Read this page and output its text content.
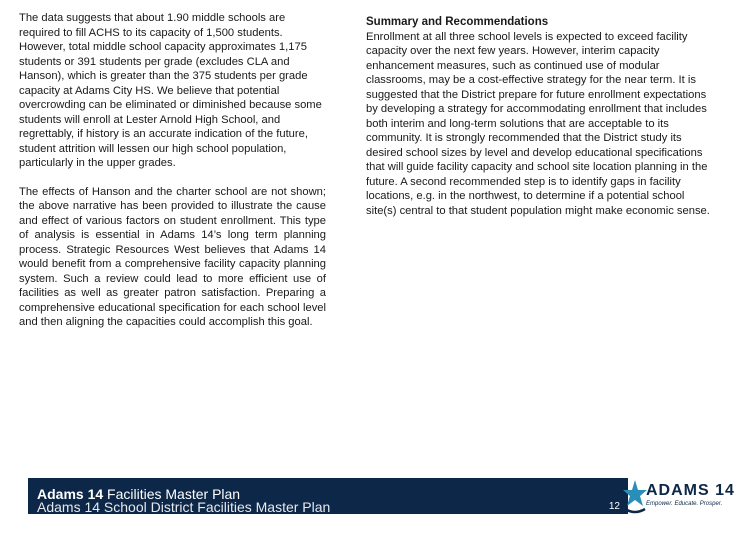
The data suggests that about 1.90 middle schools are required to fill ACHS to its capacity of 1,500 students. However, total middle school capacity approximates 1,175 students or 391 students per grade (excludes CLA and Hanson), which is greater than the 375 students per grade capacity at Adams City HS. We believe that potential overcrowding can be eliminated or diminished because some students will enroll at Lester Arnold High School, and regrettably, if history is an accurate indication of the future, student attrition will lessen our high school population, particularly in the upper grades.

The effects of Hanson and the charter school are not shown; the above narrative has been provided to illustrate the cause and effect of various factors on student enrollment. This type of analysis is essential in Adams 14’s long term planning process. Strategic Resources West believes that Adams 14 would benefit from a comprehensive facility capacity planning system. Such a review could lead to more efficient use of facilities as well as greater patron satisfaction. Preparing a comprehensive educational specification for each school level and then aligning the capacities could accomplish this goal.

Summary and Recommendations

Enrollment at all three school levels is expected to exceed facility capacity over the next few years. However, interim capacity enhancement measures, such as continued use of modular classrooms, may be a cost-effective strategy for the near term. It is suggested that the District prepare for future enrollment expectations by developing a strategy for accommodating enrollment that includes both interim and long-term solutions that are acceptable to its community. It is strongly recommended that the District study its desired school sizes by level and develop educational specifications that will guide facility capacity and school site location planning in the future. A second recommended step is to identify gaps in facility locations, e.g. in the northwest, to determine if a potential school site(s) central to that student population might make economic sense.

Adams 14 Facilities Master Plan
Adams 14 School District Facilities Master Plan	12
ADAMS 14
Empower. Educate. Prosper.
